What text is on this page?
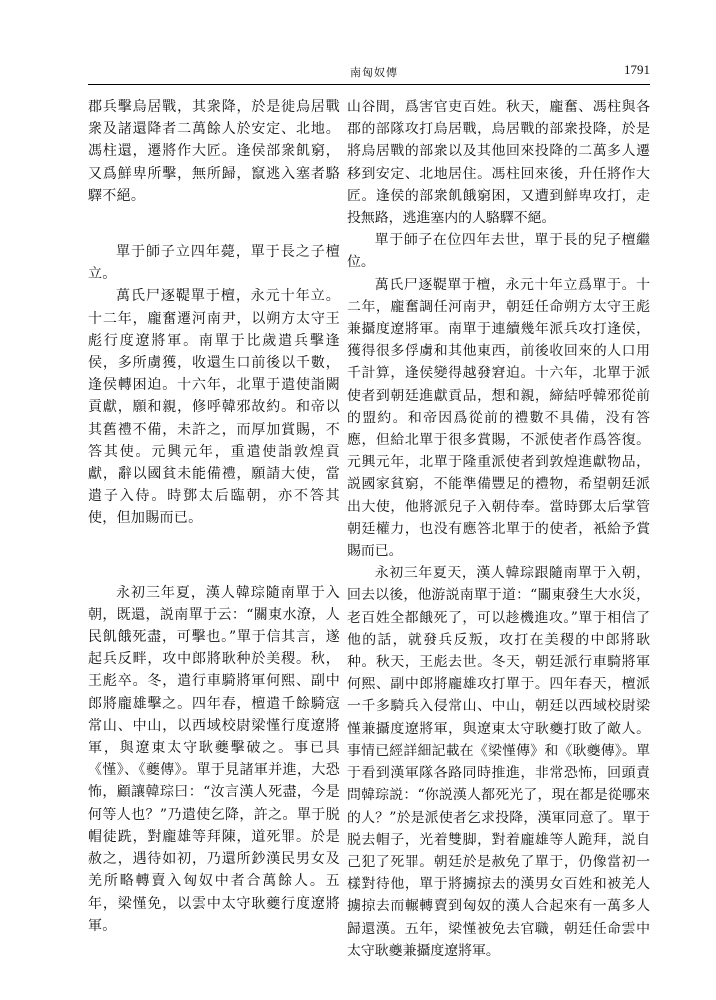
南匈奴傳	1791

郡兵擊烏居戰，其衆降，於是徙烏居戰衆及諸還降者二萬餘人於安定、北地。馮柱還，遷將作大匠。逢侯部衆飢窮，又爲鮮卑所擊，無所歸，竄逃入塞者駱驛不絕。

單于師子立四年薨，單于長之子檀立。

萬氏尸逐鞮單于檀，永元十年立。十二年，龐奮遷河南尹，以朔方太守王彪行度遼將軍。南單于比歲遣兵擊逢侯，多所虜獲，收還生口前後以千數，逢侯轉困迫。十六年，北單于遣使詣闕貢獻，願和親，修呼韓邪故約。和帝以其舊禮不備，未許之，而厚加賞賜，不答其使。元興元年，重遣使詣敦煌貢獻，辭以國貧未能備禮，願請大使，當遣子入侍。時鄧太后臨朝，亦不答其使，但加賜而已。

永初三年夏，漢人韓琮隨南單于入朝，既還，説南單于云：“關東水潦，人民飢餓死盡，可擊也。”單于信其言，遂起兵反畔，攻中郎將耿种於美稷。秋，王彪卒。冬，遣行車騎將軍何熙、副中郎將龐雄擊之。四年春，檀遣千餘騎寇常山、中山，以西域校尉梁慬行度遼將軍，與遼東太守耿夔擊破之。事已具《慬》、《夔傳》。單于見諸軍并進，大恐怖，顧讓韓琮曰：“汝言漢人死盡，今是何等人也？”乃遣使乞降，許之。單于脱帽徒跣，對龐雄等拜陳，道死罪。於是赦之，遇待如初，乃還所鈔漢民男女及羌所略轉賣入匈奴中者合萬餘人。五年，梁慬免，以雲中太守耿夔行度遼將軍。

山谷間，爲害官吏百姓。秋天，龐奮、馮柱與各郡的部隊攻打烏居戰，烏居戰的部衆投降，於是將烏居戰的部衆以及其他回來投降的二萬多人遷移到安定、北地居住。馮柱回來後，升任將作大匠。逢侯的部衆飢餓窮困，又遭到鮮卑攻打，走投無路，逃進塞内的人駱驛不絕。

單于師子在位四年去世，單于長的兒子檀繼位。

萬氏尸逐鞮單于檀，永元十年立爲單于。十二年，龐奮調任河南尹，朝廷任命朔方太守王彪兼攝度遼將軍。南單于連續幾年派兵攻打逢侯，獲得很多俘虜和其他東西，前後收回來的人口用千計算，逢侯變得越發窘迫。十六年，北單于派使者到朝廷進獻貢品，想和親，締結呼韓邪從前的盟約。和帝因爲從前的禮數不具備，没有答應，但給北單于很多賞賜，不派使者作爲答復。元興元年，北單于隆重派使者到敦煌進獻物品，説國家貧窮，不能準備豐足的禮物，希望朝廷派出大使，他將派兒子入朝侍奉。當時鄧太后掌管朝廷權力，也没有應答北單于的使者，衹給予賞賜而已。

永初三年夏天，漢人韓琮跟隨南單于入朝，回去以後，他游説南單于道：“關東發生大水災，老百姓全都餓死了，可以趁機進攻。”單于相信了他的話，就發兵反叛，攻打在美稷的中郎將耿种。秋天，王彪去世。冬天，朝廷派行車騎將軍何熙、副中郎將龐雄攻打單于。四年春天，檀派一千多騎兵入侵常山、中山，朝廷以西域校尉梁慬兼攝度遼將軍，與遼東太守耿夔打敗了敵人。事情已經詳細記載在《梁慬傳》和《耿夔傳》。單于看到漢軍隊各路同時推進，非常恐怖，回頭責問韓琮説：“你説漢人都死光了，現在都是從哪來的人？”於是派使者乞求投降，漢軍同意了。單于脱去帽子，光着雙脚，對着龐雄等人跪拜，説自己犯了死罪。朝廷於是赦免了單于，仍像當初一樣對待他，單于將擄掠去的漢男女百姓和被羌人擄掠去而輾轉賣到匈奴的漢人合起來有一萬多人歸還漢。五年，梁慬被免去官職，朝廷任命雲中太守耿夔兼攝度遼將軍。
